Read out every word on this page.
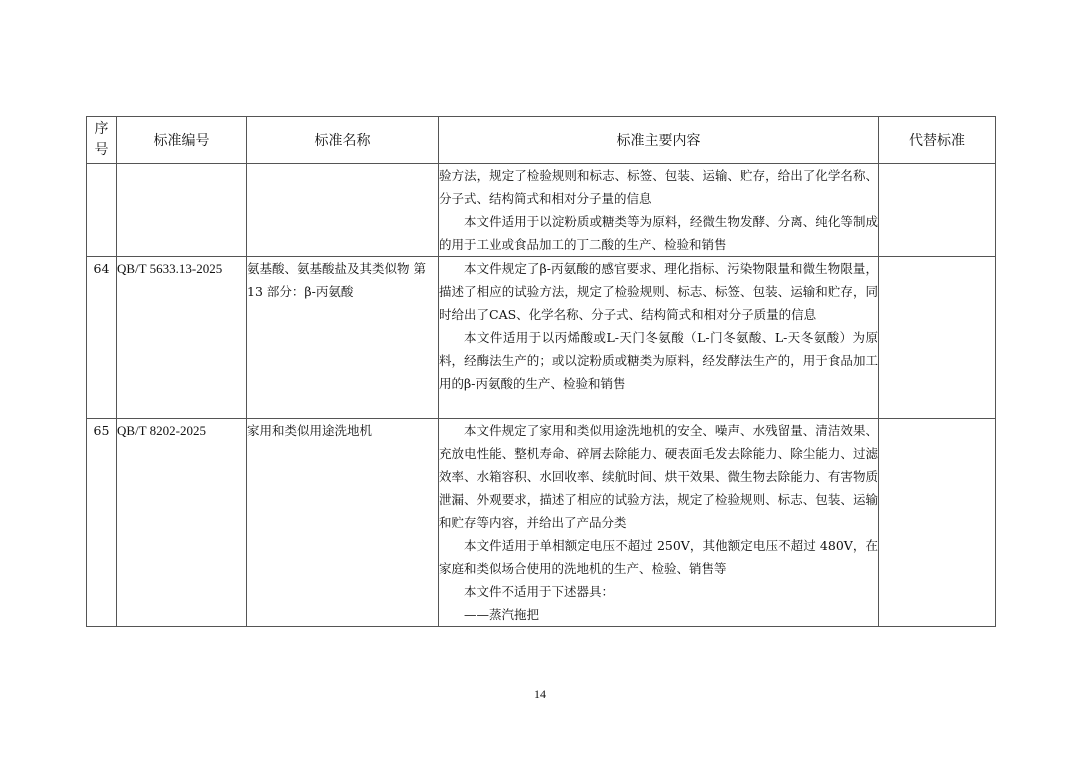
序
号	标准编号	标准名称	标准主要内容	代替标准

			验方法，规定了检验规则和标志、标签、包装、运输、贮存，给出了化学名称、分子式、结构简式和相对分子量的信息

本文件适用于以淀粉质或糖类等为原料，经微生物发酵、分离、纯化等制成的用于工业或食品加工的丁二酸的生产、检验和销售	

64	QB/T 5633.13-2025	氨基酸、氨基酸盐及其类似物 第 13 部分：β-丙氨酸	本文件规定了β-丙氨酸的感官要求、理化指标、污染物限量和微生物限量，描述了相应的试验方法，规定了检验规则、标志、标签、包装、运输和贮存，同时给出了CAS、化学名称、分子式、结构简式和相对分子质量的信息

本文件适用于以丙烯酸或L-天门冬氨酸（L-门冬氨酸、L-天冬氨酸）为原料，经酶法生产的；或以淀粉质或糖类为原料，经发酵法生产的，用于食品加工用的β-丙氨酸的生产、检验和销售	

65	QB/T 8202-2025	家用和类似用途洗地机	本文件规定了家用和类似用途洗地机的安全、噪声、水残留量、清洁效果、充放电性能、整机寿命、碎屑去除能力、硬表面毛发去除能力、除尘能力、过滤效率、水箱容积、水回收率、续航时间、烘干效果、微生物去除能力、有害物质泄漏、外观要求，描述了相应的试验方法，规定了检验规则、标志、包装、运输和贮存等内容，并给出了产品分类

本文件适用于单相额定电压不超过 250V，其他额定电压不超过 480V，在家庭和类似场合使用的洗地机的生产、检验、销售等

本文件不适用于下述器具：

——蒸汽拖把	

14
